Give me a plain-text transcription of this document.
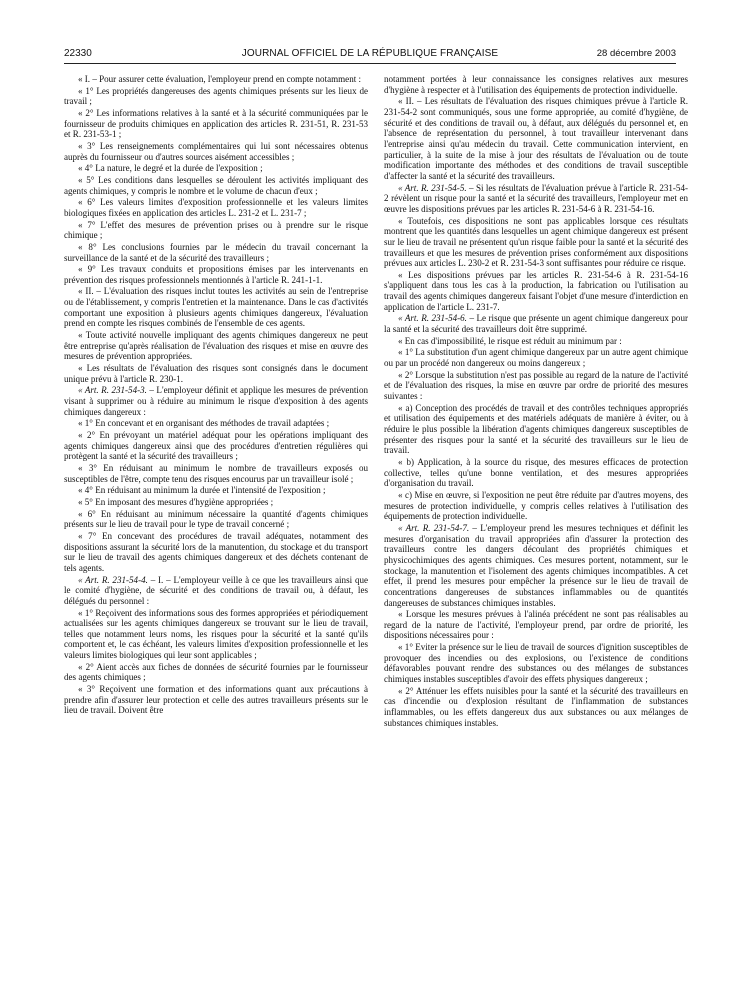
22330	JOURNAL OFFICIEL DE LA RÉPUBLIQUE FRANÇAISE	28 décembre 2003

« I. – Pour assurer cette évaluation, l'employeur prend en compte notamment :

« 1° Les propriétés dangereuses des agents chimiques présents sur les lieux de travail ;

« 2° Les informations relatives à la santé et à la sécurité communiquées par le fournisseur de produits chimiques en application des articles R. 231-51, R. 231-53 et R. 231-53-1 ;

« 3° Les renseignements complémentaires qui lui sont nécessaires obtenus auprès du fournisseur ou d'autres sources aisément accessibles ;

« 4° La nature, le degré et la durée de l'exposition ;

« 5° Les conditions dans lesquelles se déroulent les activités impliquant des agents chimiques, y compris le nombre et le volume de chacun d'eux ;

« 6° Les valeurs limites d'exposition professionnelle et les valeurs limites biologiques fixées en application des articles L. 231-2 et L. 231-7 ;

« 7° L'effet des mesures de prévention prises ou à prendre sur le risque chimique ;

« 8° Les conclusions fournies par le médecin du travail concernant la surveillance de la santé et de la sécurité des travailleurs ;

« 9° Les travaux conduits et propositions émises par les intervenants en prévention des risques professionnels mentionnés à l'article R. 241-1-1.

« II. – L'évaluation des risques inclut toutes les activités au sein de l'entreprise ou de l'établissement, y compris l'entretien et la maintenance. Dans le cas d'activités comportant une exposition à plusieurs agents chimiques dangereux, l'évaluation prend en compte les risques combinés de l'ensemble de ces agents.

« Toute activité nouvelle impliquant des agents chimiques dangereux ne peut être entreprise qu'après réalisation de l'évaluation des risques et mise en œuvre des mesures de prévention appropriées.

« Les résultats de l'évaluation des risques sont consignés dans le document unique prévu à l'article R. 230-1.

« Art. R. 231-54-3. – L'employeur définit et applique les mesures de prévention visant à supprimer ou à réduire au minimum le risque d'exposition à des agents chimiques dangereux :

« 1° En concevant et en organisant des méthodes de travail adaptées ;

« 2° En prévoyant un matériel adéquat pour les opérations impliquant des agents chimiques dangereux ainsi que des procédures d'entretien régulières qui protègent la santé et la sécurité des travailleurs ;

« 3° En réduisant au minimum le nombre de travailleurs exposés ou susceptibles de l'être, compte tenu des risques encourus par un travailleur isolé ;

« 4° En réduisant au minimum la durée et l'intensité de l'exposition ;

« 5° En imposant des mesures d'hygiène appropriées ;

« 6° En réduisant au minimum nécessaire la quantité d'agents chimiques présents sur le lieu de travail pour le type de travail concerné ;

« 7° En concevant des procédures de travail adéquates, notamment des dispositions assurant la sécurité lors de la manutention, du stockage et du transport sur le lieu de travail des agents chimiques dangereux et des déchets contenant de tels agents.

« Art. R. 231-54-4. – I. – L'employeur veille à ce que les travailleurs ainsi que le comité d'hygiène, de sécurité et des conditions de travail ou, à défaut, les délégués du personnel :

« 1° Reçoivent des informations sous des formes appropriées et périodiquement actualisées sur les agents chimiques dangereux se trouvant sur le lieu de travail, telles que notamment leurs noms, les risques pour la sécurité et la santé qu'ils comportent et, le cas échéant, les valeurs limites d'exposition professionnelle et les valeurs limites biologiques qui leur sont applicables ;

« 2° Aient accès aux fiches de données de sécurité fournies par le fournisseur des agents chimiques ;

« 3° Reçoivent une formation et des informations quant aux précautions à prendre afin d'assurer leur protection et celle des autres travailleurs présents sur le lieu de travail. Doivent être

notamment portées à leur connaissance les consignes relatives aux mesures d'hygiène à respecter et à l'utilisation des équipements de protection individuelle.

« II. – Les résultats de l'évaluation des risques chimiques prévue à l'article R. 231-54-2 sont communiqués, sous une forme appropriée, au comité d'hygiène, de sécurité et des conditions de travail ou, à défaut, aux délégués du personnel et, en l'absence de représentation du personnel, à tout travailleur intervenant dans l'entreprise ainsi qu'au médecin du travail. Cette communication intervient, en particulier, à la suite de la mise à jour des résultats de l'évaluation ou de toute modification importante des méthodes et des conditions de travail susceptible d'affecter la santé et la sécurité des travailleurs.

« Art. R. 231-54-5. – Si les résultats de l'évaluation prévue à l'article R. 231-54-2 révèlent un risque pour la santé et la sécurité des travailleurs, l'employeur met en œuvre les dispositions prévues par les articles R. 231-54-6 à R. 231-54-16.

« Toutefois, ces dispositions ne sont pas applicables lorsque ces résultats montrent que les quantités dans lesquelles un agent chimique dangereux est présent sur le lieu de travail ne présentent qu'un risque faible pour la santé et la sécurité des travailleurs et que les mesures de prévention prises conformément aux dispositions prévues aux articles L. 230-2 et R. 231-54-3 sont suffisantes pour réduire ce risque.

« Les dispositions prévues par les articles R. 231-54-6 à R. 231-54-16 s'appliquent dans tous les cas à la production, la fabrication ou l'utilisation au travail des agents chimiques dangereux faisant l'objet d'une mesure d'interdiction en application de l'article L. 231-7.

« Art. R. 231-54-6. – Le risque que présente un agent chimique dangereux pour la santé et la sécurité des travailleurs doit être supprimé.

« En cas d'impossibilité, le risque est réduit au minimum par :

« 1° La substitution d'un agent chimique dangereux par un autre agent chimique ou par un procédé non dangereux ou moins dangereux ;

« 2° Lorsque la substitution n'est pas possible au regard de la nature de l'activité et de l'évaluation des risques, la mise en œuvre par ordre de priorité des mesures suivantes :

« a) Conception des procédés de travail et des contrôles techniques appropriés et utilisation des équipements et des matériels adéquats de manière à éviter, ou à réduire le plus possible la libération d'agents chimiques dangereux susceptibles de présenter des risques pour la santé et la sécurité des travailleurs sur le lieu de travail.

« b) Application, à la source du risque, des mesures efficaces de protection collective, telles qu'une bonne ventilation, et des mesures appropriées d'organisation du travail.

« c) Mise en œuvre, si l'exposition ne peut être réduite par d'autres moyens, des mesures de protection individuelle, y compris celles relatives à l'utilisation des équipements de protection individuelle.

« Art. R. 231-54-7. – L'employeur prend les mesures techniques et définit les mesures d'organisation du travail appropriées afin d'assurer la protection des travailleurs contre les dangers découlant des propriétés chimiques et physicochimiques des agents chimiques. Ces mesures portent, notamment, sur le stockage, la manutention et l'isolement des agents chimiques incompatibles. A cet effet, il prend les mesures pour empêcher la présence sur le lieu de travail de concentrations dangereuses de substances inflammables ou de quantités dangereuses de substances chimiques instables.

« Lorsque les mesures prévues à l'alinéa précédent ne sont pas réalisables au regard de la nature de l'activité, l'employeur prend, par ordre de priorité, les dispositions nécessaires pour :

« 1° Eviter la présence sur le lieu de travail de sources d'ignition susceptibles de provoquer des incendies ou des explosions, ou l'existence de conditions défavorables pouvant rendre des substances ou des mélanges de substances chimiques instables susceptibles d'avoir des effets physiques dangereux ;

« 2° Atténuer les effets nuisibles pour la santé et la sécurité des travailleurs en cas d'incendie ou d'explosion résultant de l'inflammation de substances inflammables, ou les effets dangereux dus aux substances ou aux mélanges de substances chimiques instables.
